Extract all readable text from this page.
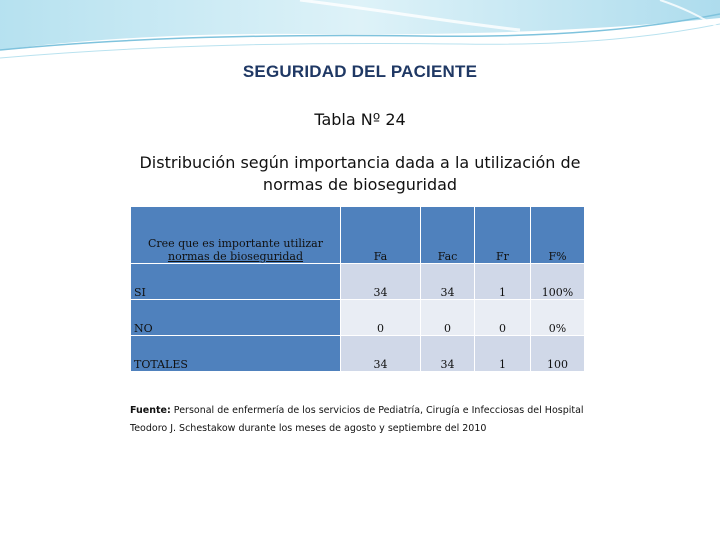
SEGURIDAD DEL PACIENTE
Tabla Nº 24
Distribución según importancia dada a la utilización de
normas de bioseguridad
Cree que es importante utilizar
normas de bioseguridad	Fa	Fac	Fr	F%
SI	34	34	1	100%
NO	0	0	0	0%
TOTALES	34	34	1	100
Fuente: Personal de enfermería de los servicios de Pediatría, Cirugía e Infecciosas del Hospital
Teodoro J. Schestakow durante los meses de agosto y septiembre del 2010
